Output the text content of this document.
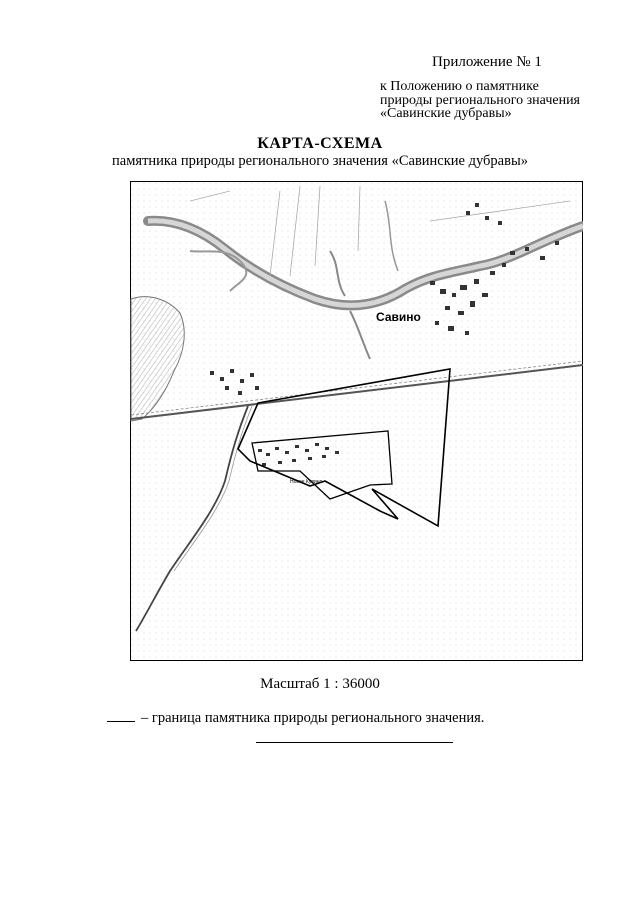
Приложение № 1
к Положению о памятнике
природы регионального значения
«Савинские дубравы»
КАРТА-СХЕМА
памятника природы регионального значения «Савинские дубравы»
Савино
Новое Кувино
Масштаб 1 : 36000
– граница памятника природы регионального значения.
